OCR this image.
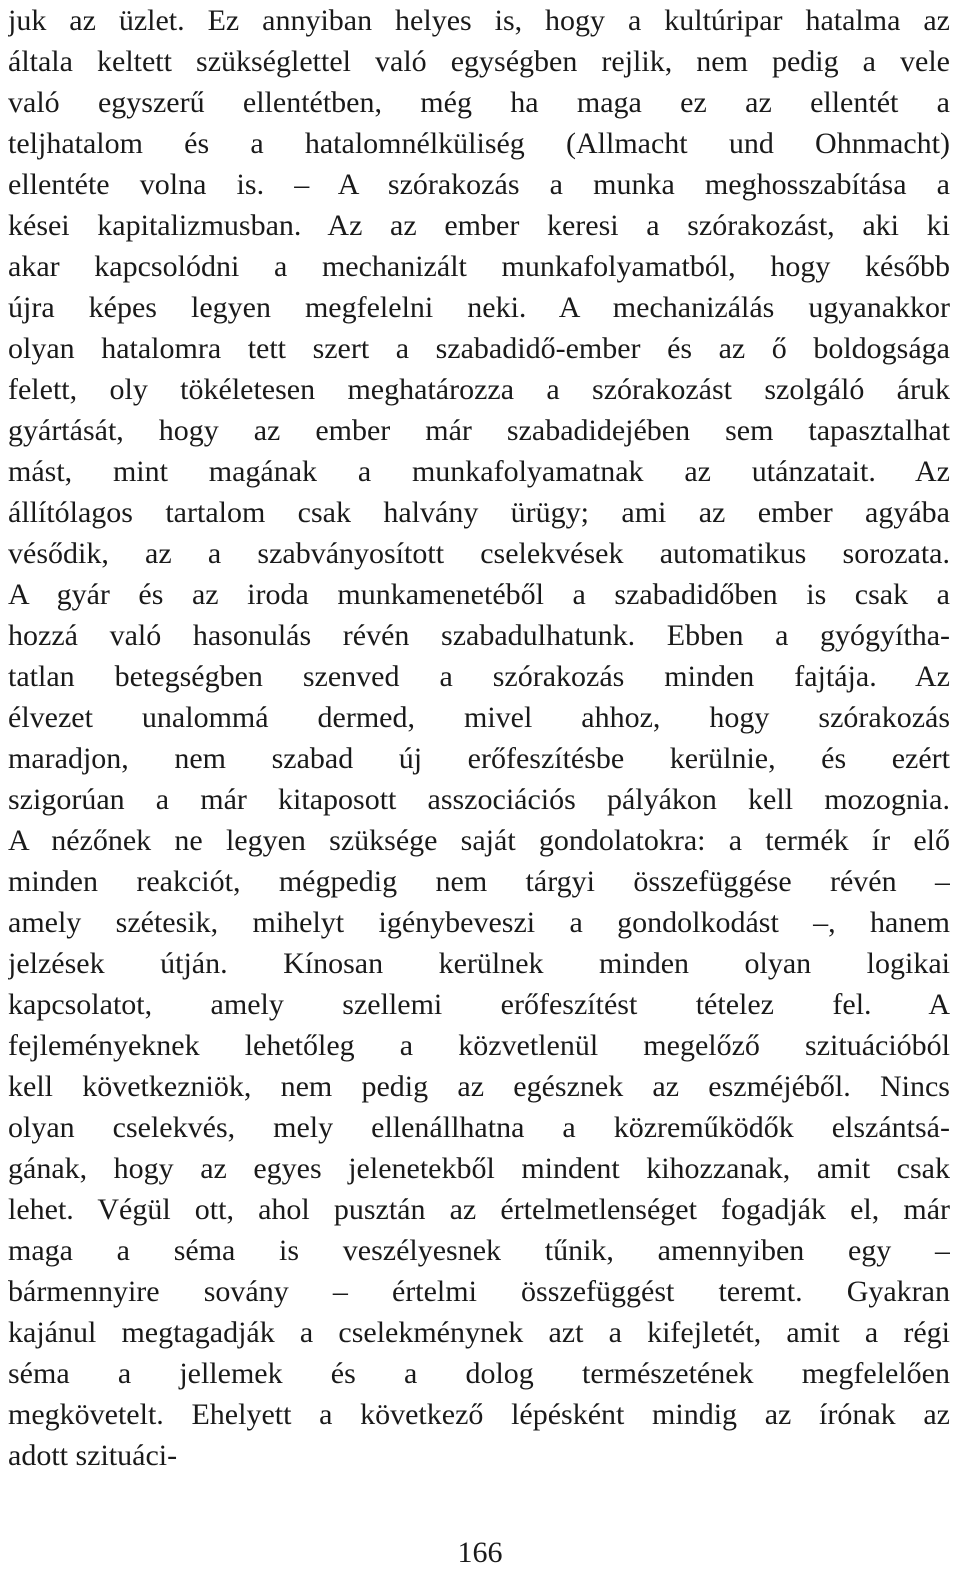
juk az üzlet. Ez annyiban helyes is, hogy a kultúripar hatalma az
általa keltett szükséglettel való egységben rejlik, nem pedig a vele
való egyszerű ellentétben, még ha maga ez az ellentét a
teljhatalom és a hatalomnélküliség (Allmacht und Ohnmacht)
ellentéte volna is. – A szórakozás a munka meghosszabítása a
kései kapitalizmusban. Az az ember keresi a szórakozást, aki ki
akar kapcsolódni a mechanizált munkafolyamatból, hogy később
újra képes legyen megfelelni neki. A mechanizálás ugyanakkor
olyan hatalomra tett szert a szabadidő-ember és az ő boldogsága
felett, oly tökéletesen meghatározza a szórakozást szolgáló áruk
gyártását, hogy az ember már szabadidejében sem tapasztalhat
mást, mint magának a munkafolyamatnak az utánzatait. Az
állítólagos tartalom csak halvány ürügy; ami az ember agyába
vésődik, az a szabványosított cselekvések automatikus sorozata.
A gyár és az iroda munkamenetéből a szabadidőben is csak a
hozzá való hasonulás révén szabadulhatunk. Ebben a gyógyítha-
tatlan betegségben szenved a szórakozás minden fajtája. Az
élvezet unalommá dermed, mivel ahhoz, hogy szórakozás
maradjon, nem szabad új erőfeszítésbe kerülnie, és ezért
szigorúan a már kitaposott asszociációs pályákon kell mozognia.
A nézőnek ne legyen szüksége saját gondolatokra: a termék ír elő
minden reakciót, mégpedig nem tárgyi összefüggése révén –
amely szétesik, mihelyt igénybeveszi a gondolkodást –, hanem
jelzések útján. Kínosan kerülnek minden olyan logikai
kapcsolatot, amely szellemi erőfeszítést tételez fel. A
fejleményeknek lehetőleg a közvetlenül megelőző szituációból
kell következniök, nem pedig az egésznek az eszméjéből. Nincs
olyan cselekvés, mely ellenállhatna a közreműködők elszántsá-
gának, hogy az egyes jelenetekből mindent kihozzanak, amit csak
lehet. Végül ott, ahol pusztán az értelmetlenséget fogadják el, már
maga a séma is veszélyesnek tűnik, amennyiben egy –
bármennyire sovány – értelmi összefüggést teremt. Gyakran
kajánul megtagadják a cselekménynek azt a kifejletét, amit a régi
séma a jellemek és a dolog természetének megfelelően
megkövetelt. Ehelyett a következő lépésként mindig az írónak az
adott szituáci-
166
